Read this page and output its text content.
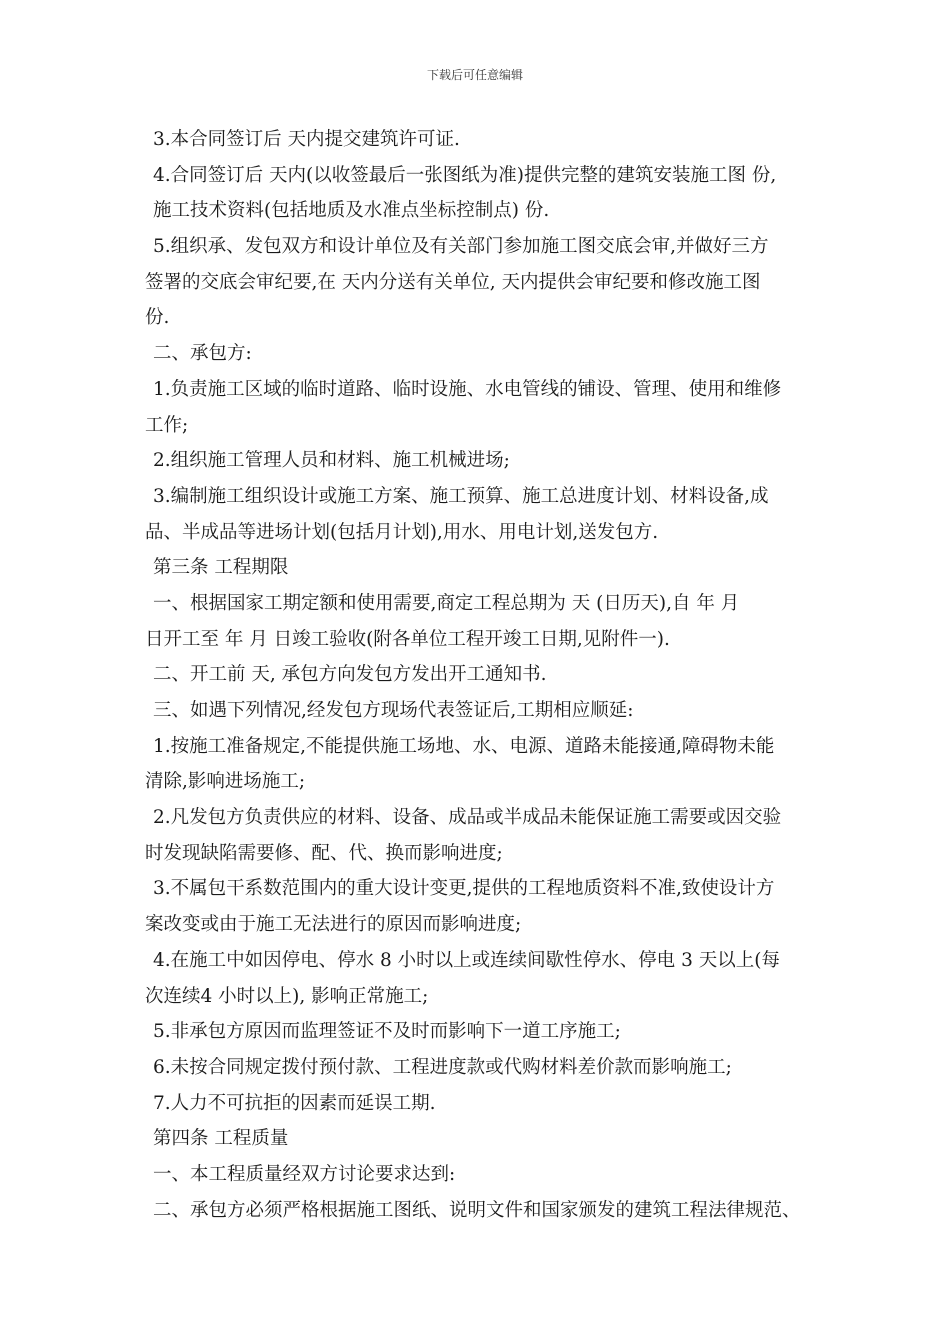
下载后可任意编辑
3.本合同签订后 天内提交建筑许可证.
4.合同签订后 天内(以收签最后一张图纸为准)提供完整的建筑安装施工图 份,
施工技术资料(包括地质及水准点坐标控制点) 份.
5.组织承、发包双方和设计单位及有关部门参加施工图交底会审,并做好三方
签署的交底会审纪要,在 天内分送有关单位, 天内提供会审纪要和修改施工图
份.
二、承包方:
1.负责施工区域的临时道路、临时设施、水电管线的铺设、管理、使用和维修
工作;
2.组织施工管理人员和材料、施工机械进场;
3.编制施工组织设计或施工方案、施工预算、施工总进度计划、材料设备,成
品、半成品等进场计划(包括月计划),用水、用电计划,送发包方.
第三条 工程期限
一、根据国家工期定额和使用需要,商定工程总期为 天 (日历天),自 年 月
日开工至 年 月 日竣工验收(附各单位工程开竣工日期,见附件一).
二、开工前 天, 承包方向发包方发出开工通知书.
三、如遇下列情况,经发包方现场代表签证后,工期相应顺延:
1.按施工准备规定,不能提供施工场地、水、电源、道路未能接通,障碍物未能
清除,影响进场施工;
2.凡发包方负责供应的材料、设备、成品或半成品未能保证施工需要或因交验
时发现缺陷需要修、配、代、换而影响进度;
3.不属包干系数范围内的重大设计变更,提供的工程地质资料不准,致使设计方
案改变或由于施工无法进行的原因而影响进度;
4.在施工中如因停电、停水 8 小时以上或连续间歇性停水、停电 3 天以上(每
次连续4 小时以上), 影响正常施工;
5.非承包方原因而监理签证不及时而影响下一道工序施工;
6.未按合同规定拨付预付款、工程进度款或代购材料差价款而影响施工;
7.人力不可抗拒的因素而延误工期.
第四条 工程质量
一、本工程质量经双方讨论要求达到:
二、承包方必须严格根据施工图纸、说明文件和国家颁发的建筑工程法律规范、
